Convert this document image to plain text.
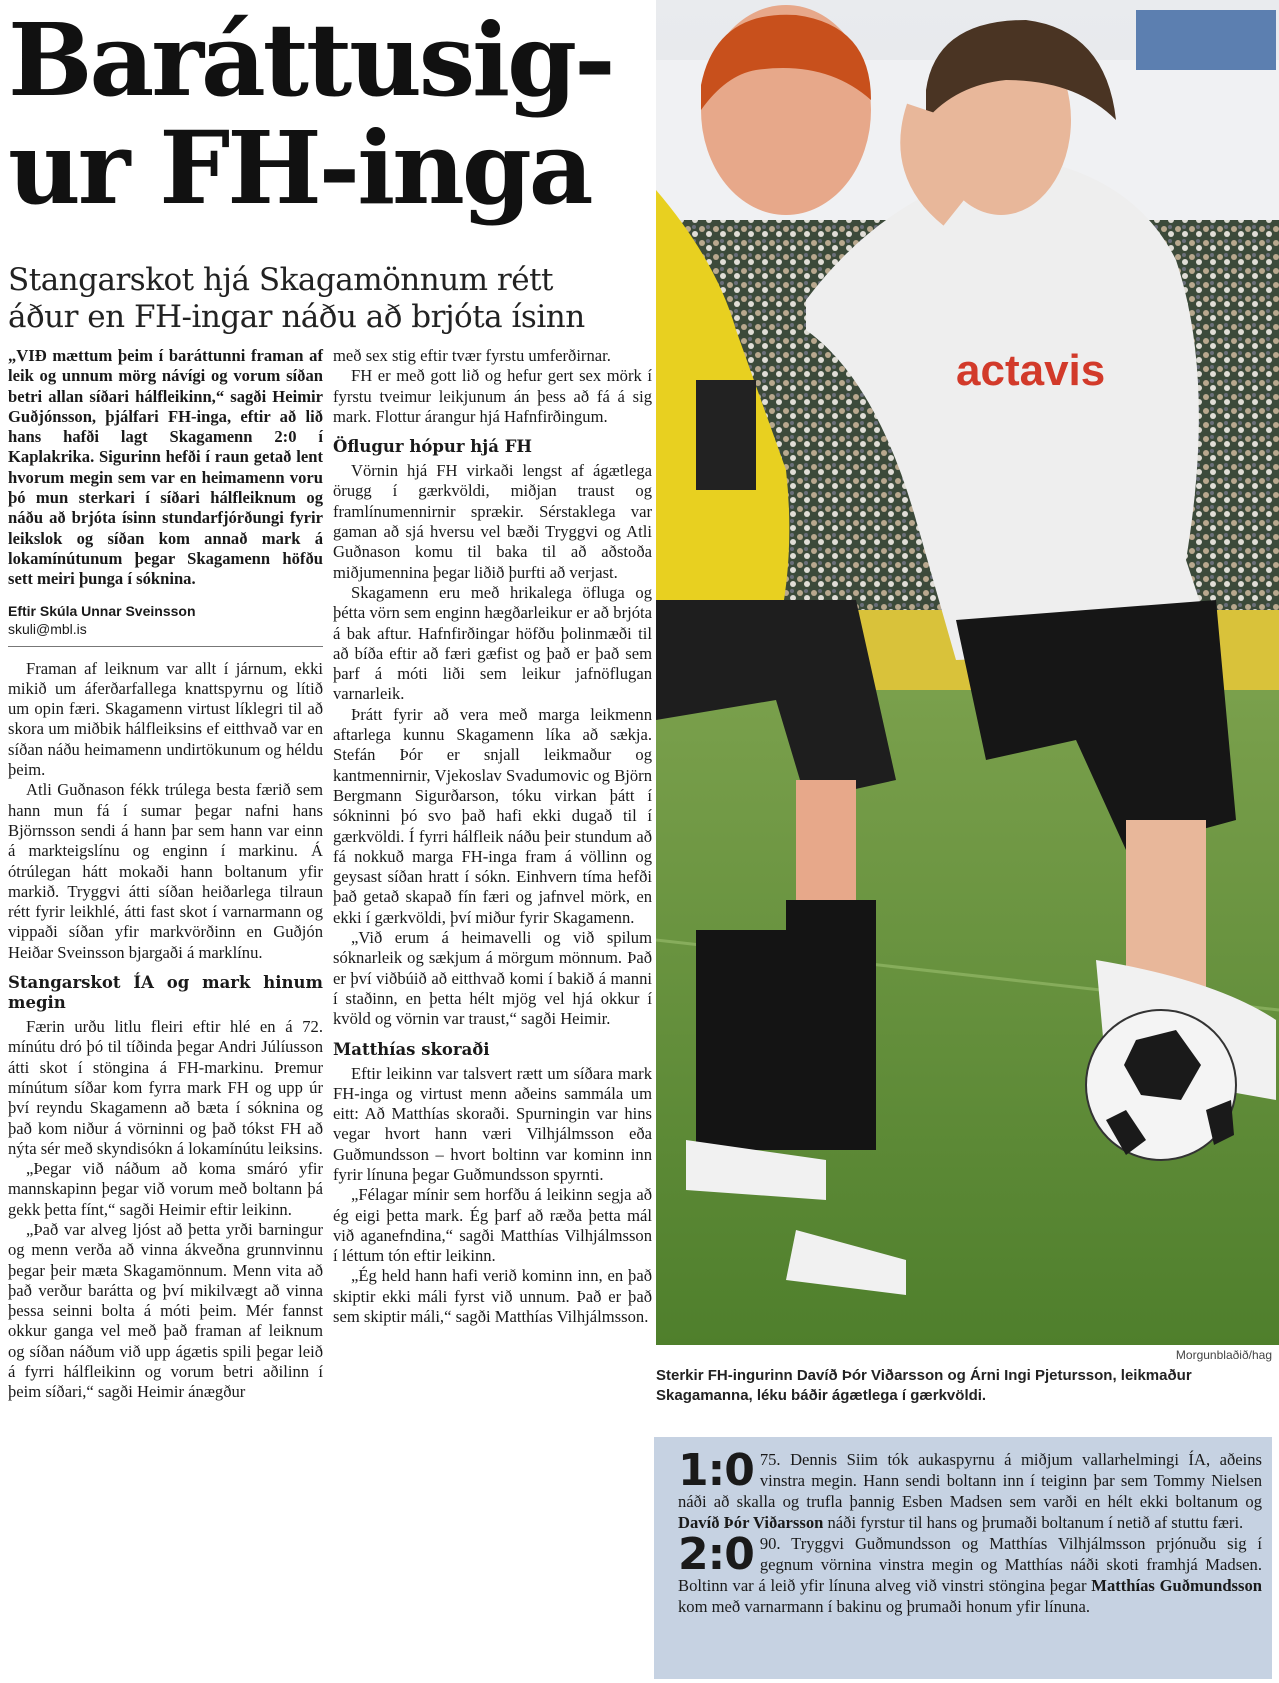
Baráttusig-
ur FH-inga
Stangarskot hjá Skagamönnum rétt
áður en FH-ingar náðu að brjóta ísinn

„VIÐ mættum þeim í baráttunni framan af leik og unnum mörg návígi og vorum síðan betri allan síðari hálfleikinn,“ sagði Heimir Guðjónsson, þjálfari FH-inga, eftir að lið hans hafði lagt Skagamenn 2:0 í Kaplakrika. Sigurinn hefði í raun getað lent hvorum megin sem var en heimamenn voru þó mun sterkari í síðari hálfleiknum og náðu að brjóta ísinn stundarfjórðungi fyrir leikslok og síðan kom annað mark á lokamínútunum þegar Skagamenn höfðu sett meiri þunga í sóknina.

Eftir Skúla Unnar Sveinsson
skuli@mbl.is

Framan af leiknum var allt í járnum, ekki mikið um áferðarfallega knattspyrnu og lítið um opin færi. Skagamenn virtust líklegri til að skora um miðbik hálfleiksins ef eitthvað var en síðan náðu heimamenn undirtökunum og héldu þeim.

Atli Guðnason fékk trúlega besta færið sem hann mun fá í sumar þegar nafni hans Björnsson sendi á hann þar sem hann var einn á markteigslínu og enginn í markinu. Á ótrúlegan hátt mokaði hann boltanum yfir markið. Tryggvi átti síðan heiðarlega tilraun rétt fyrir leikhlé, átti fast skot í varnarmann og vippaði síðan yfir markvörðinn en Guðjón Heiðar Sveinsson bjargaði á marklínu.

Stangarskot ÍA og mark hinum megin

Færin urðu litlu fleiri eftir hlé en á 72. mínútu dró þó til tíðinda þegar Andri Júlíusson átti skot í stöngina á FH-markinu. Þremur mínútum síðar kom fyrra mark FH og upp úr því reyndu Skagamenn að bæta í sóknina og það kom niður á vörninni og það tókst FH að nýta sér með skyndisókn á lokamínútu leiksins.

„Þegar við náðum að koma smáró yfir mannskapinn þegar við vorum með boltann þá gekk þetta fínt,“ sagði Heimir eftir leikinn.

„Það var alveg ljóst að þetta yrði barningur og menn verða að vinna ákveðna grunnvinnu þegar þeir mæta Skagamönnum. Menn vita að það verður barátta og því mikilvægt að vinna þessa seinni bolta á móti þeim. Mér fannst okkur ganga vel með það framan af leiknum og síðan náðum við upp ágætis spili þegar leið á fyrri hálfleikinn og vorum betri aðilinn í þeim síðari,“ sagði Heimir ánægður

með sex stig eftir tvær fyrstu umferðirnar.

FH er með gott lið og hefur gert sex mörk í fyrstu tveimur leikjunum án þess að fá á sig mark. Flottur árangur hjá Hafnfirðingum.

Öflugur hópur hjá FH

Vörnin hjá FH virkaði lengst af ágætlega örugg í gærkvöldi, miðjan traust og framlínumennirnir sprækir. Sérstaklega var gaman að sjá hversu vel bæði Tryggvi og Atli Guðnason komu til baka til að aðstoða miðjumennina þegar liðið þurfti að verjast.

Skagamenn eru með hrikalega öfluga og þétta vörn sem enginn hægðarleikur er að brjóta á bak aftur. Hafnfirðingar höfðu þolinmæði til að bíða eftir að færi gæfist og það er það sem þarf á móti liði sem leikur jafnöflugan varnarleik.

Þrátt fyrir að vera með marga leikmenn aftarlega kunnu Skagamenn líka að sækja. Stefán Þór er snjall leikmaður og kantmennirnir, Vjekoslav Svadumovic og Björn Bergmann Sigurðarson, tóku virkan þátt í sókninni þó svo það hafi ekki dugað til í gærkvöldi. Í fyrri hálfleik náðu þeir stundum að fá nokkuð marga FH-inga fram á völlinn og geysast síðan hratt í sókn. Einhvern tíma hefði það getað skapað fín færi og jafnvel mörk, en ekki í gærkvöldi, því miður fyrir Skagamenn.

„Við erum á heimavelli og við spilum sóknarleik og sækjum á mörgum mönnum. Það er því viðbúið að eitthvað komi í bakið á manni í staðinn, en þetta hélt mjög vel hjá okkur í kvöld og vörnin var traust,“ sagði Heimir.

Matthías skoraði

Eftir leikinn var talsvert rætt um síðara mark FH-inga og virtust menn aðeins sammála um eitt: Að Matthías skoraði. Spurningin var hins vegar hvort hann væri Vilhjálmsson eða Guðmundsson – hvort boltinn var kominn inn fyrir línuna þegar Guðmundsson spyrnti.

„Félagar mínir sem horfðu á leikinn segja að ég eigi þetta mark. Ég þarf að ræða þetta mál við aganefndina,“ sagði Matthías Vilhjálmsson í léttum tón eftir leikinn.

„Ég held hann hafi verið kominn inn, en það skiptir ekki máli fyrst við unnum. Það er það sem skiptir máli,“ sagði Matthías Vilhjálmsson.

actavis
Morgunblaðið/hag
Sterkir FH-ingurinn Davíð Þór Viðarsson og Árni Ingi Pjetursson, leikmaður Skagamanna, léku báðir ágætlega í gærkvöldi.
1:0 75. Dennis Siim tók aukaspyrnu á miðjum vallarhelmingi ÍA, aðeins vinstra megin. Hann sendi boltann inn í teiginn þar sem Tommy Nielsen náði að skalla og trufla þannig Esben Madsen sem varði en hélt ekki boltanum og Davíð Þór Viðarsson náði fyrstur til hans og þrumaði boltanum í netið af stuttu færi.
2:0 90. Tryggvi Guðmundsson og Matthías Vilhjálmsson prjónuðu sig í gegnum vörnina vinstra megin og Matthías náði skoti framhjá Madsen. Boltinn var á leið yfir línuna alveg við vinstri stöngina þegar Matthías Guðmundsson kom með varnarmann í bakinu og þrumaði honum yfir línuna.
